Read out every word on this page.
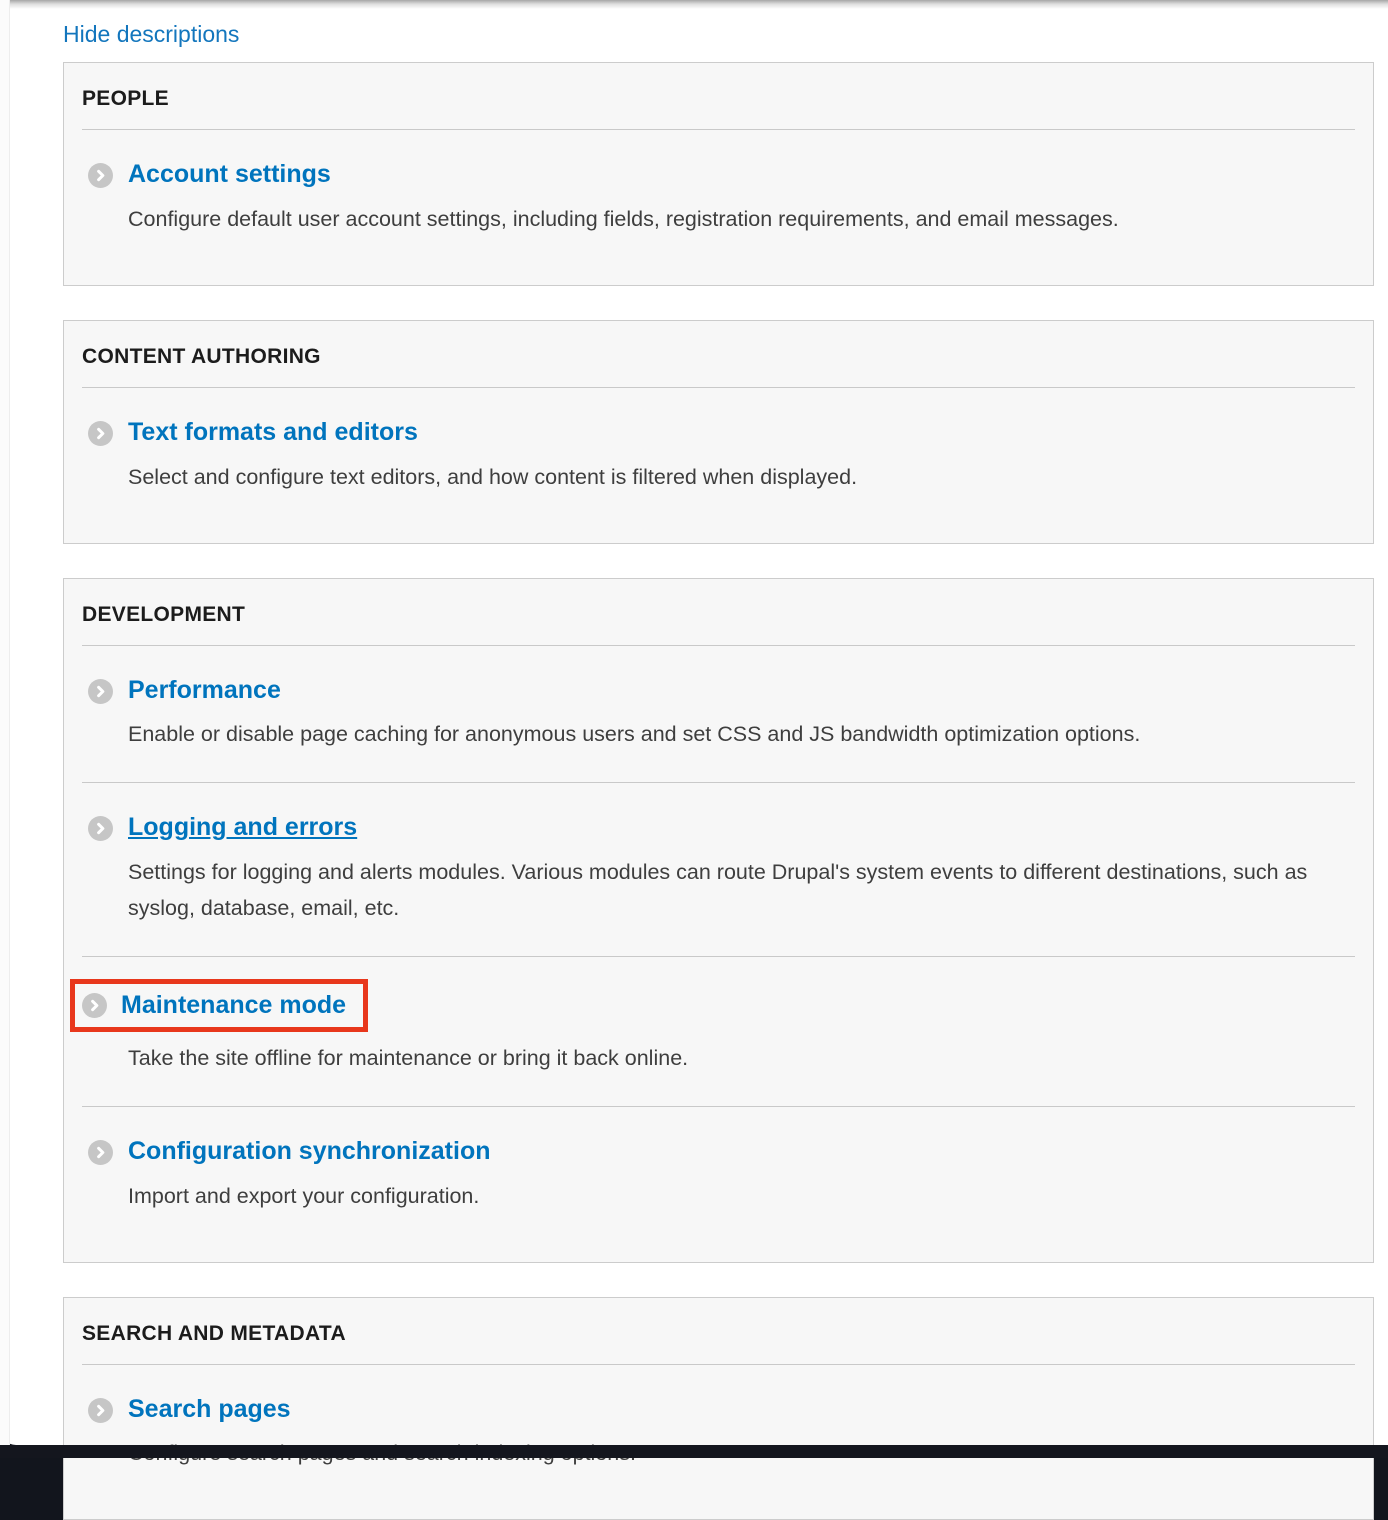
Hide descriptions
PEOPLE
Account settings
Configure default user account settings, including fields, registration requirements, and email messages.
CONTENT AUTHORING
Text formats and editors
Select and configure text editors, and how content is filtered when displayed.
DEVELOPMENT
Performance
Enable or disable page caching for anonymous users and set CSS and JS bandwidth optimization options.
Logging and errors
Settings for logging and alerts modules. Various modules can route Drupal's system events to different destinations, such as syslog, database, email, etc.
Maintenance mode
Take the site offline for maintenance or bring it back online.
Configuration synchronization
Import and export your configuration.
SEARCH AND METADATA
Search pages
